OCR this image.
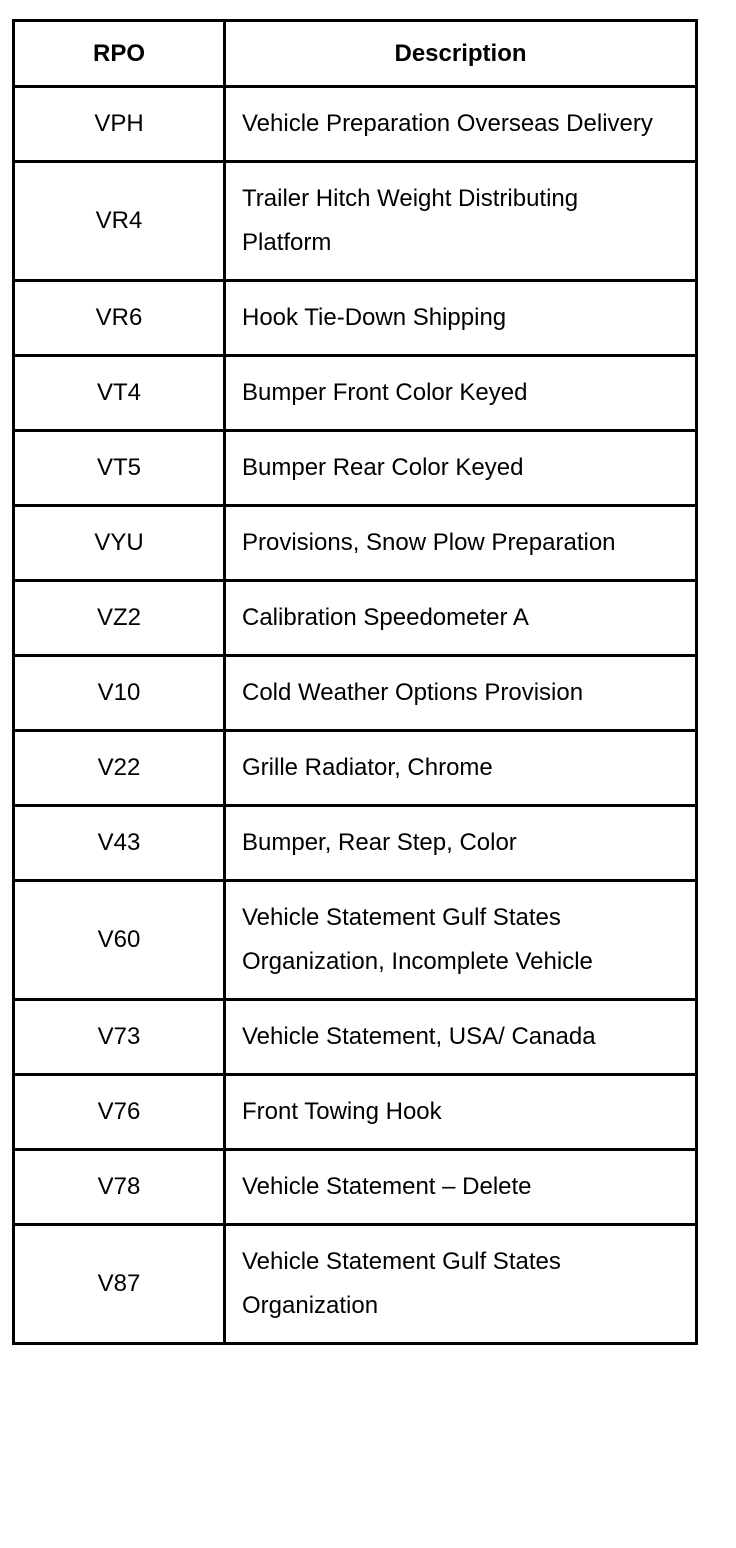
RPO	Description
VPH	Vehicle Preparation Overseas Delivery
VR4	Trailer Hitch Weight Distributing Platform
VR6	Hook Tie-Down Shipping
VT4	Bumper Front Color Keyed
VT5	Bumper Rear Color Keyed
VYU	Provisions, Snow Plow Preparation
VZ2	Calibration Speedometer A
V10	Cold Weather Options Provision
V22	Grille Radiator, Chrome
V43	Bumper, Rear Step, Color
V60	Vehicle Statement Gulf States Organization, Incomplete Vehicle
V73	Vehicle Statement, USA/ Canada
V76	Front Towing Hook
V78	Vehicle Statement – Delete
V87	Vehicle Statement Gulf States Organization
